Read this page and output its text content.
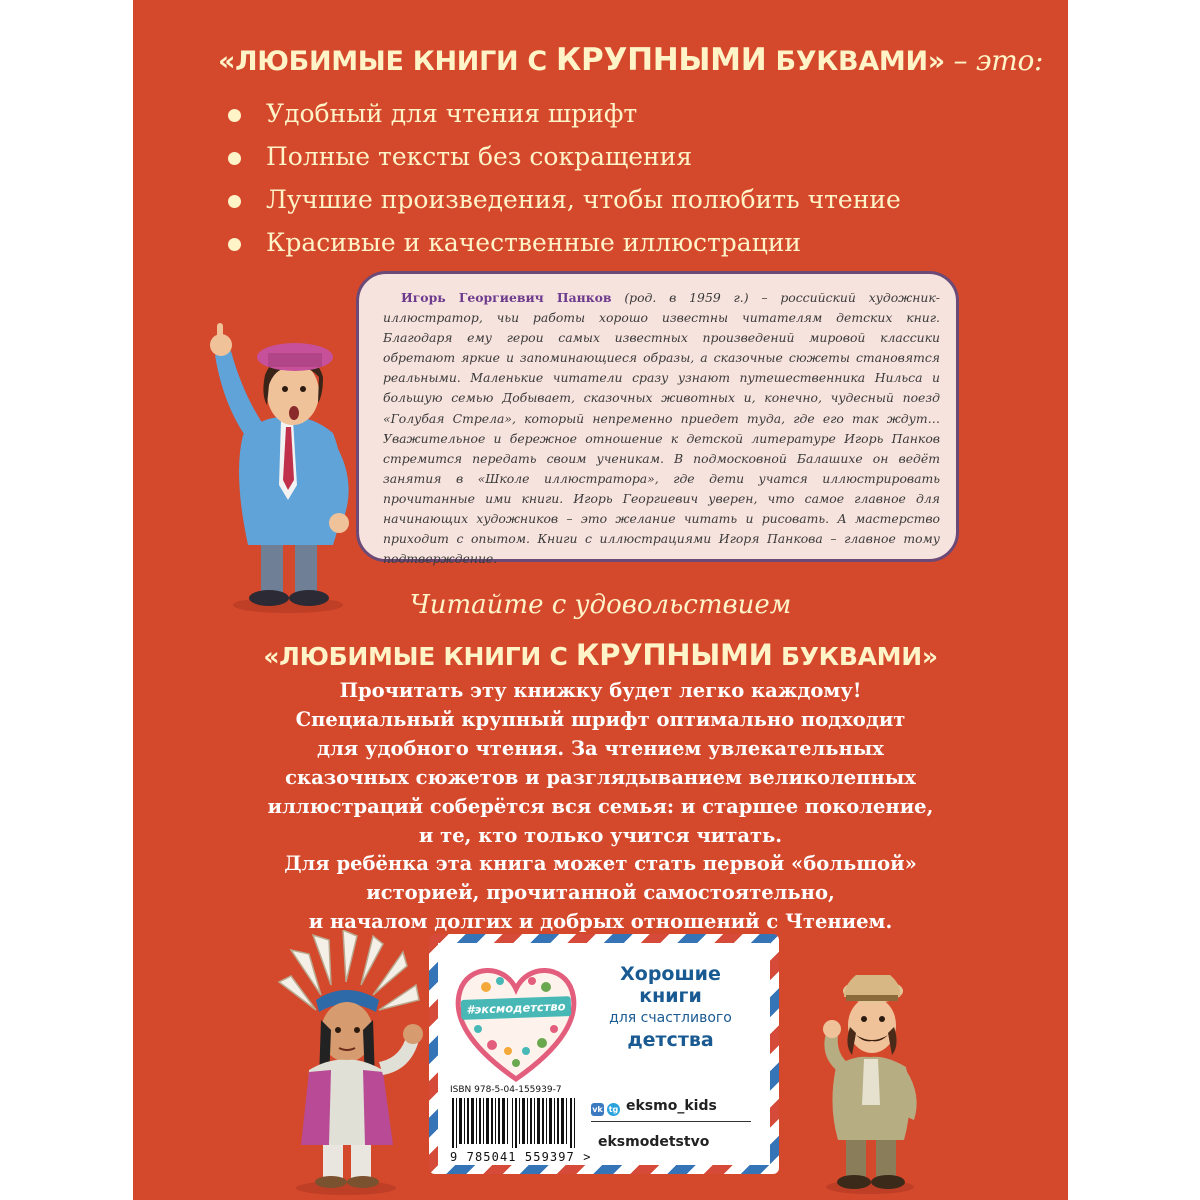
«ЛЮБИМЫЕ КНИГИ С КРУПНЫМИ БУКВАМИ» – это:
Удобный для чтения шрифт
Полные тексты без сокращения
Лучшие произведения, чтобы полюбить чтение
Красивые и качественные иллюстрации

Игорь Георгиевич Панков (род. в 1959 г.) – российский художник-иллюстратор, чьи работы хорошо известны читателям детских книг. Благодаря ему герои самых известных произведений мировой классики обретают яркие и запоминающиеся образы, а сказочные сюжеты становятся реальными. Маленькие читатели сразу узнают путешественника Нильса и большую семью Добывает, сказочных животных и, конечно, чудесный поезд «Голубая Стрела», который непременно приедет туда, где его так ждут… Уважительное и бережное отношение к детской литературе Игорь Панков стремится передать своим ученикам. В подмосковной Балашихе он ведёт занятия в «Школе иллюстратора», где дети учатся иллюстрировать прочитанные ими книги. Игорь Георгиевич уверен, что самое главное для начинающих художников – это желание читать и рисовать. А мастерство приходит с опытом. Книги с иллюстрациями Игоря Панкова – главное тому подтверждение.

Читайте с удовольствием
«ЛЮБИМЫЕ КНИГИ С КРУПНЫМИ БУКВАМИ»
Прочитать эту книжку будет легко каждому!
Специальный крупный шрифт оптимально подходит
для удобного чтения. За чтением увлекательных
сказочных сюжетов и разглядыванием великолепных
иллюстраций соберётся вся семья: и старшее поколение,
и те, кто только учится читать.
Для ребёнка эта книга может стать первой «большой»
историей, прочитанной самостоятельно,
и началом долгих и добрых отношений с Чтением.
#эксмодетство
Хорошие
книги
для счастливого
детства
ISBN 978-5-04-155939-7
9 785041 559397 >
vk tg eksmo_kids
eksmodetstvo
